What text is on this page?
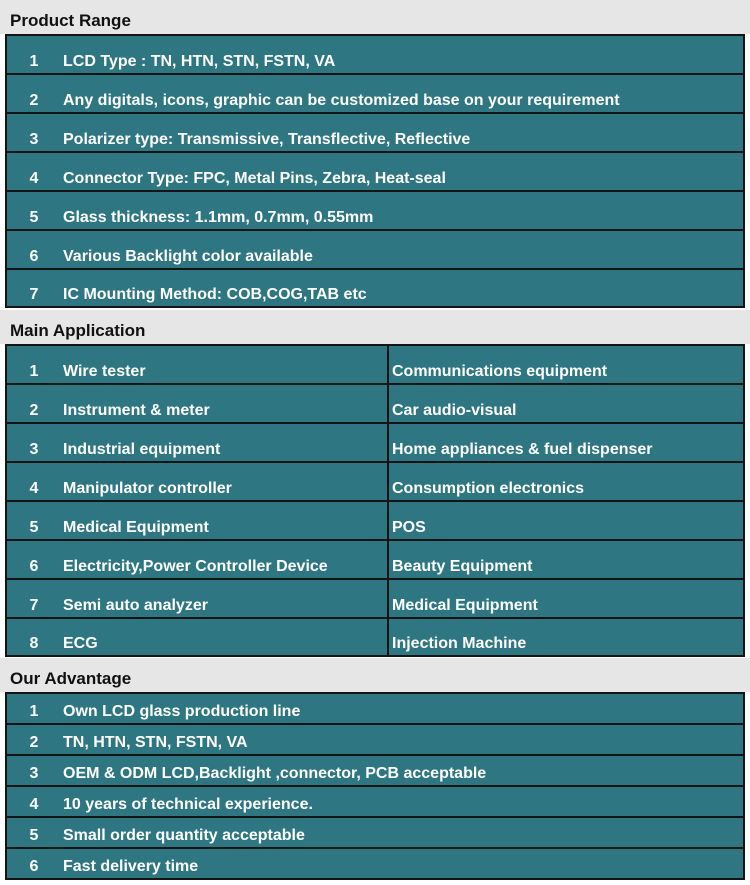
Product Range
1	LCD Type : TN, HTN, STN, FSTN, VA
2	Any digitals, icons, graphic can be customized base on your requirement
3	Polarizer type: Transmissive, Transflective, Reflective
4	Connector Type: FPC, Metal Pins, Zebra, Heat-seal
5	Glass thickness: 1.1mm, 0.7mm, 0.55mm
6	Various Backlight color available
7	IC Mounting Method: COB,COG,TAB etc
Main Application
1	Wire tester	Communications equipment
2	Instrument & meter	Car audio-visual
3	Industrial equipment	Home appliances & fuel dispenser
4	Manipulator controller	Consumption electronics
5	Medical Equipment	POS
6	Electricity,Power Controller Device	Beauty Equipment
7	Semi auto analyzer	Medical Equipment
8	ECG	Injection Machine
Our Advantage
1	Own LCD glass production line
2	TN, HTN, STN, FSTN, VA
3	OEM & ODM LCD,Backlight ,connector, PCB acceptable
4	10 years of technical experience.
5	Small order quantity acceptable
6	Fast delivery time
